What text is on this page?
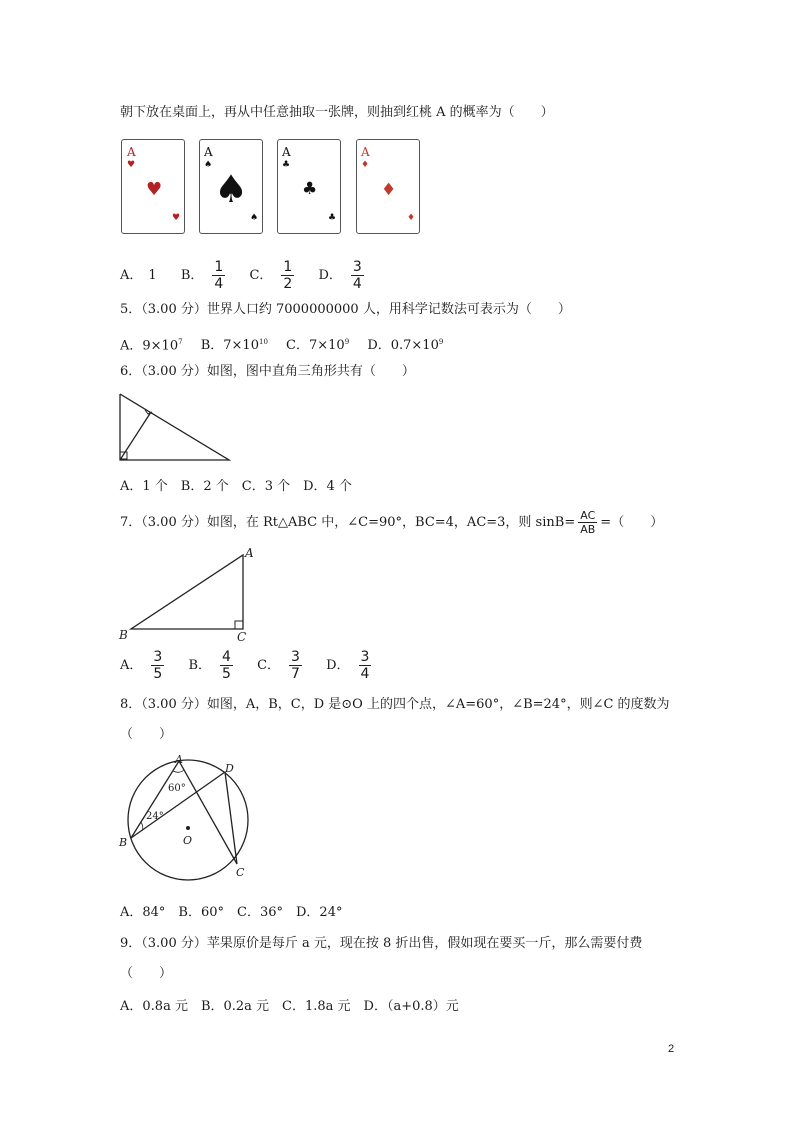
朝下放在桌面上，再从中任意抽取一张牌，则抽到红桃 A 的概率为（　　）
A
♥
♥
♥
A
♠
♠
♠
A
♣
♣
♣
A
♦
♦
♦
A． 1 B． $\frac{1}{4}$ C． $\frac{1}{2}$ D． $\frac{3}{4}$
5．（3.00 分）世界人口约 7000000000 人，用科学记数法可表示为（　　）
A．$9\times 10^7$ B．$7\times 10^{10}$ C．$7\times 10^9$ D．$0.7\times 10^9$
6．（3.00 分）如图，图中直角三角形共有（　　）
A．1 个　B．2 个　C．3 个　D．4 个
7．（3.00 分）如图，在 Rt△ABC 中，∠C=90°，BC=4，AC=3，则 $\sin B= \frac{AC}{AB}$ =（　　）
A
B	C
A． $\frac{3}{5}$ B． $\frac{4}{5}$ C． $\frac{3}{7}$ D． $\frac{3}{4}$
8．（3.00 分）如图，A，B，C，D 是⊙O 上的四个点，∠A=60°，∠B=24°，则∠C 的度数为
（　　）
A
D
B
C
O
60°
24°
A．84°　B．60°　C．36°　D．24°
9．（3.00 分）苹果原价是每斤 a 元，现在按 8 折出售，假如现在要买一斤，那么需要付费
（　　）
A．0.8a 元　B．0.2a 元　C．1.8a 元　D．（a+0.8）元
2
